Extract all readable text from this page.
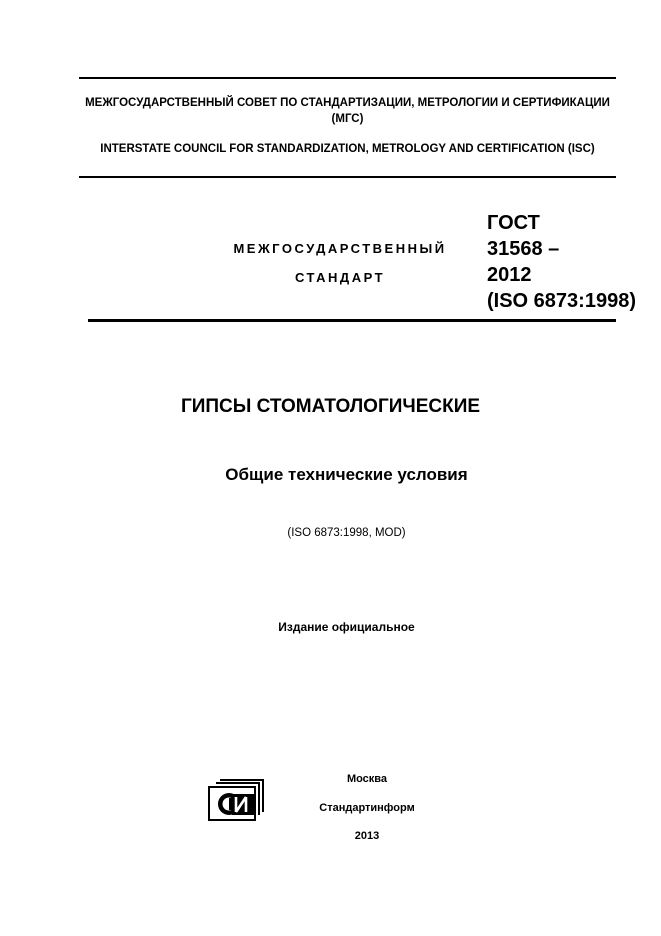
МЕЖГОСУДАРСТВЕННЫЙ СОВЕТ ПО СТАНДАРТИЗАЦИИ, МЕТРОЛОГИИ И СЕРТИФИКАЦИИ (МГС)
INTERSTATE COUNCIL FOR STANDARDIZATION, METROLOGY AND CERTIFICATION (ISC)
МЕЖГОСУДАРСТВЕННЫЙ
СТАНДАРТ
ГОСТ
31568 –
2012
(ISO 6873:1998)
ГИПСЫ СТОМАТОЛОГИЧЕСКИЕ
Общие технические условия
(ISO 6873:1998, MOD)
Издание официальное
Москва
Стандартинформ
2013
